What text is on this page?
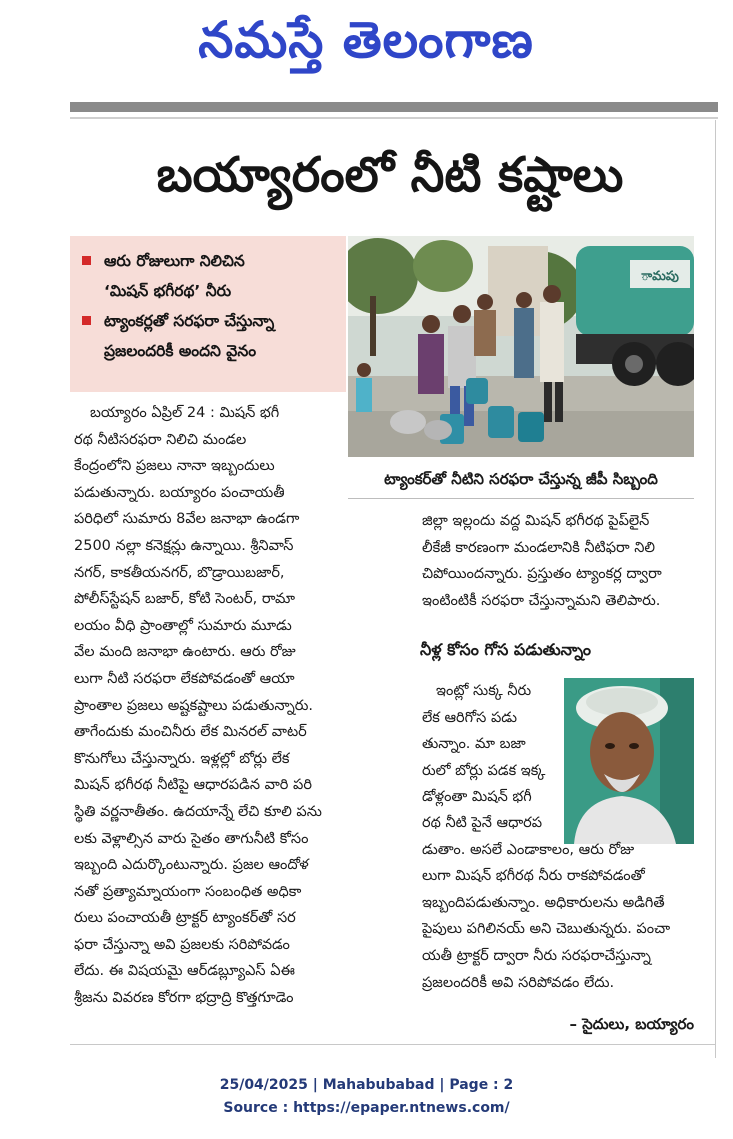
నమస్తే తెలంగాణ
బయ్యారంలో నీటి కష్టాలు
ఆరు రోజులుగా నిలిచిన
‘మిషన్ భగీరథ’ నీరు
ట్యాంకర్లతో సరఫరా చేస్తున్నా
ప్రజలందరికీ అందని వైనం
ామపు
ట్యాంకర్‌తో నీటిని సరఫరా చేస్తున్న జీపీ సిబ్బంది
బయ్యారం ఏప్రిల్ 24 : మిషన్ భగీ
రథ నీటిసరఫరా నిలిచి మండల
కేంద్రంలోని ప్రజలు నానా ఇబ్బందులు
పడుతున్నారు. బయ్యారం పంచాయతీ
పరిధిలో సుమారు 8వేల జనాభా ఉండగా
2500 నల్లా కనెక్షన్లు ఉన్నాయి. శ్రీనివాస్
నగర్, కాకతీయనగర్, బొడ్రాయిబజార్,
పోలీస్‌స్టేషన్ బజార్, కోటి సెంటర్, రామా
లయం వీధి ప్రాంతాల్లో సుమారు మూడు
వేల మంది జనాభా ఉంటారు. ఆరు రోజు
లుగా నీటి సరఫరా లేకపోవడంతో ఆయా
ప్రాంతాల ప్రజలు అష్టకష్టాలు పడుతున్నారు.
తాగేందుకు మంచినీరు లేక మినరల్ వాటర్
కొనుగోలు చేస్తున్నారు. ఇళ్లల్లో బోర్లు లేక
మిషన్ భగీరథ నీటిపై ఆధారపడిన వారి పరి
స్థితి వర్ణనాతీతం. ఉదయాన్నే లేచి కూలి పను
లకు వెళ్లాల్సిన వారు సైతం తాగునీటి కోసం
ఇబ్బంది ఎదుర్కొంటున్నారు. ప్రజల ఆందోళ
నతో ప్రత్యామ్నాయంగా సంబంధిత అధికా
రులు పంచాయతీ ట్రాక్టర్ ట్యాంకర్‌తో సర
ఫరా చేస్తున్నా అవి ప్రజలకు సరిపోవడం
లేదు. ఈ విషయమై ఆర్‌డబ్ల్యూఎస్ ఏఈ
శ్రీజను వివరణ కోరగా భద్రాద్రి కొత్తగూడెం
జిల్లా ఇల్లందు వద్ద మిషన్ భగీరథ పైప్‌లైన్
లీకేజీ కారణంగా మండలానికి నీటిఫరా నిలి
చిపోయిందన్నారు. ప్రస్తుతం ట్యాంకర్ల ద్వారా
ఇంటింటికీ సరఫరా చేస్తున్నామని తెలిపారు.
నీళ్ల కోసం గోస పడుతున్నాం
ఇంట్లో సుక్క నీరు
లేక ఆరిగోస పడు
తున్నాం. మా బజా
రులో బోర్లు పడక ఇక్క
డోళ్లంతా మిషన్ భగీ
రథ నీటి పైనే ఆధారప
డుతాం. అసలే ఎండాకాలం, ఆరు రోజు
లుగా మిషన్ భగీరథ నీరు రాకపోవడంతో
ఇబ్బందిపడుతున్నాం. అధికారులను అడిగితే
పైపులు పగిలినయ్ అని చెబుతున్నరు. పంచా
యతీ ట్రాక్టర్ ద్వారా నీరు సరఫరాచేస్తున్నా
ప్రజలందరికీ అవి సరిపోవడం లేదు.
– సైదులు, బయ్యారం
25/04/2025 | Mahabubabad | Page : 2
Source : https://epaper.ntnews.com/
